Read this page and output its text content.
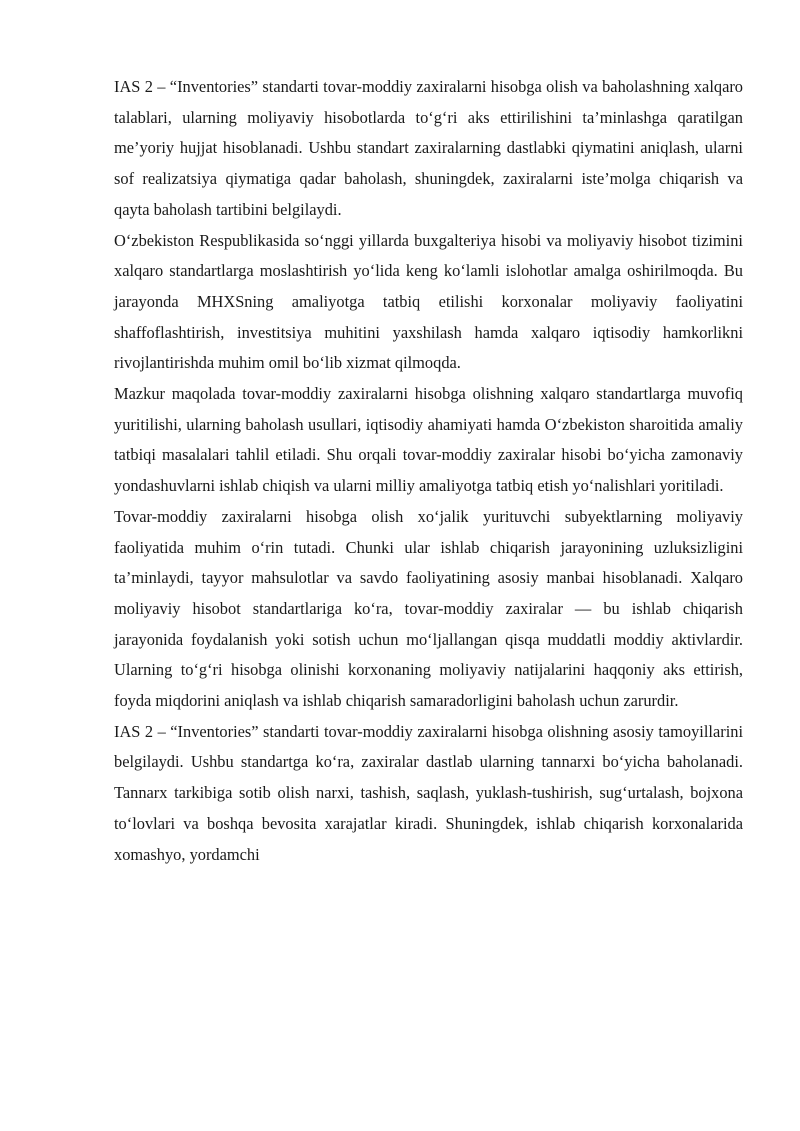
IAS 2 – “Inventories” standarti tovar-moddiy zaxiralarni hisobga olish va baholashning xalqaro talablari, ularning moliyaviy hisobotlarda to‘g‘ri aks ettirilishini ta’minlashga qaratilgan me’yoriy hujjat hisoblanadi. Ushbu standart zaxiralarning dastlabki qiymatini aniqlash, ularni sof realizatsiya qiymatiga qadar baholash, shuningdek, zaxiralarni iste’molga chiqarish va qayta baholash tartibini belgilaydi.

O‘zbekiston Respublikasida so‘nggi yillarda buxgalteriya hisobi va moliyaviy hisobot tizimini xalqaro standartlarga moslashtirish yo‘lida keng ko‘lamli islohotlar amalga oshirilmoqda. Bu jarayonda MHXSning amaliyotga tatbiq etilishi korxonalar moliyaviy faoliyatini shaffoflashtirish, investitsiya muhitini yaxshilash hamda xalqaro iqtisodiy hamkorlikni rivojlantirishda muhim omil bo‘lib xizmat qilmoqda.

Mazkur maqolada tovar-moddiy zaxiralarni hisobga olishning xalqaro standartlarga muvofiq yuritilishi, ularning baholash usullari, iqtisodiy ahamiyati hamda O‘zbekiston sharoitida amaliy tatbiqi masalalari tahlil etiladi. Shu orqali tovar-moddiy zaxiralar hisobi bo‘yicha zamonaviy yondashuvlarni ishlab chiqish va ularni milliy amaliyotga tatbiq etish yo‘nalishlari yoritiladi.

Tovar-moddiy zaxiralarni hisobga olish xo‘jalik yurituvchi subyektlarning moliyaviy faoliyatida muhim o‘rin tutadi. Chunki ular ishlab chiqarish jarayonining uzluksizligini ta’minlaydi, tayyor mahsulotlar va savdo faoliyatining asosiy manbai hisoblanadi. Xalqaro moliyaviy hisobot standartlariga ko‘ra, tovar-moddiy zaxiralar — bu ishlab chiqarish jarayonida foydalanish yoki sotish uchun mo‘ljallangan qisqa muddatli moddiy aktivlardir. Ularning to‘g‘ri hisobga olinishi korxonaning moliyaviy natijalarini haqqoniy aks ettirish, foyda miqdorini aniqlash va ishlab chiqarish samaradorligini baholash uchun zarurdir.

IAS 2 – “Inventories” standarti tovar-moddiy zaxiralarni hisobga olishning asosiy tamoyillarini belgilaydi. Ushbu standartga ko‘ra, zaxiralar dastlab ularning tannarxi bo‘yicha baholanadi. Tannarx tarkibiga sotib olish narxi, tashish, saqlash, yuklash-tushirish, sug‘urtalash, bojxona to‘lovlari va boshqa bevosita xarajatlar kiradi. Shuningdek, ishlab chiqarish korxonalarida xomashyo, yordamchi
